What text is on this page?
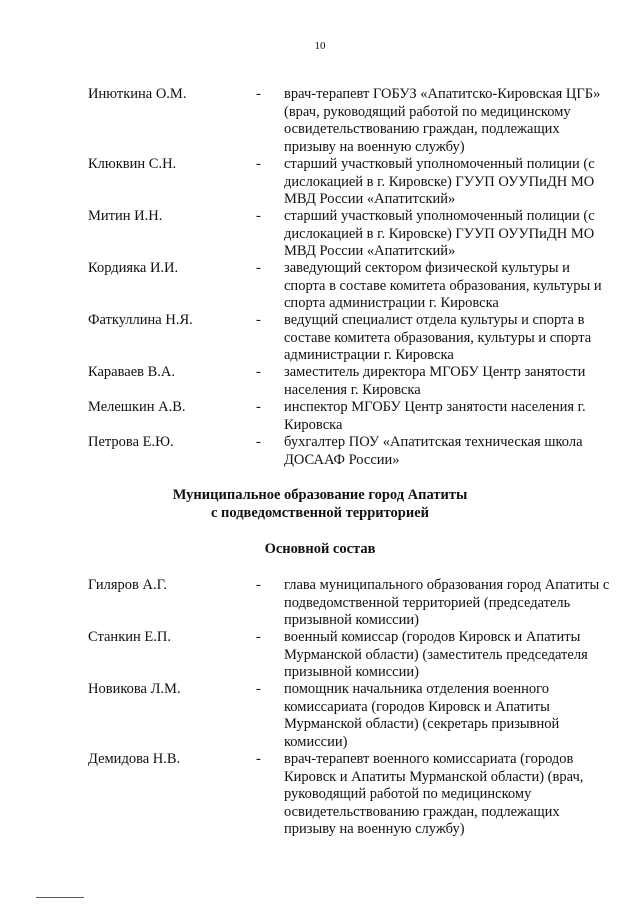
10
Инюткина О.М.	- врач-терапевт ГОБУЗ «Апатитско-Кировская ЦГБ» (врач, руководящий работой по медицинскому освидетельствованию граждан, подлежащих призыву на военную службу)
Клюквин С.Н.	- старший участковый уполномоченный полиции (с дислокацией в г. Кировске) ГУУП ОУУПиДН МО МВД России «Апатитский»
Митин И.Н.	- старший участковый уполномоченный полиции (с дислокацией в г. Кировске) ГУУП ОУУПиДН МО МВД России «Апатитский»
Кордияка И.И.	- заведующий сектором физической культуры и спорта в составе комитета образования, культуры и спорта администрации г. Кировска
Фаткуллина Н.Я.	- ведущий специалист отдела культуры и спорта в составе комитета образования, культуры и спорта администрации г. Кировска
Караваев В.А.	- заместитель директора МГОБУ Центр занятости населения г. Кировска
Мелешкин А.В.	- инспектор МГОБУ Центр занятости населения г. Кировска
Петрова Е.Ю.	- бухгалтер ПОУ «Апатитская техническая школа ДОСААФ России»
Муниципальное образование город Апатиты
с подведомственной территорией
Основной состав
Гиляров А.Г.	- глава муниципального образования город Апатиты с подведомственной территорией (председатель призывной комиссии)
Станкин Е.П.	- военный комиссар (городов Кировск и Апатиты Мурманской области) (заместитель председателя призывной комиссии)
Новикова Л.М.	- помощник начальника отделения военного комиссариата (городов Кировск и Апатиты Мурманской области) (секретарь призывной комиссии)
Демидова Н.В.	- врач-терапевт военного комиссариата (городов Кировск и Апатиты Мурманской области) (врач, руководящий работой по медицинскому освидетельствованию граждан, подлежащих призыву на военную службу)
